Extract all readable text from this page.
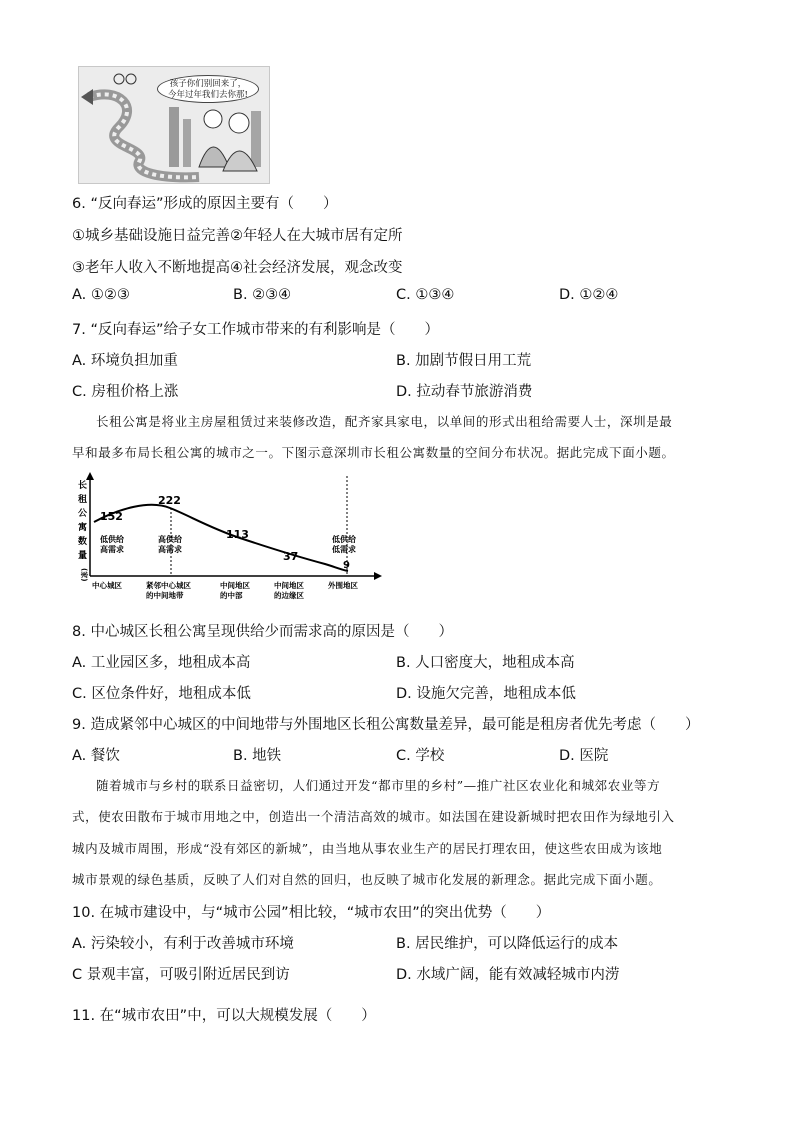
孩子你们别回来了，
今年过年我们去你那!
6. “反向春运”形成的原因主要有（　　）
①城乡基础设施日益完善②年轻人在大城市居有定所
③老年人收入不断地提高④社会经济发展，观念改变
A. ①②③	B. ②③④	C. ①③④	D. ①②④
7. “反向春运”给子女工作城市带来的有利影响是（　　）
A. 环境负担加重	B. 加剧节假日用工荒
C. 房租价格上涨	D. 拉动春节旅游消费
长租公寓是将业主房屋租赁过来装修改造，配齐家具家电，以单间的形式出租给需要人士，深圳是最
早和最多布局长租公寓的城市之一。下图示意深圳市长租公寓数量的空间分布状况。据此完成下面小题。
长
租
公
寓
数
量
(家)
152
222
113
37
9
低供给
高需求
高供给
高需求
低供给
低需求
中心城区	紧邻中心城区
的中间地带
中间地区
的中部
中间地区
的边缘区
外围地区
8. 中心城区长租公寓呈现供给少而需求高的原因是（　　）
A. 工业园区多，地租成本高	B. 人口密度大，地租成本高
C. 区位条件好，地租成本低	D. 设施欠完善，地租成本低
9. 造成紧邻中心城区的中间地带与外围地区长租公寓数量差异，最可能是租房者优先考虑（　　）
A. 餐饮	B. 地铁	C. 学校	D. 医院
随着城市与乡村的联系日益密切，人们通过开发“都市里的乡村”—推广社区农业化和城郊农业等方
式，使农田散布于城市用地之中，创造出一个清洁高效的城市。如法国在建设新城时把农田作为绿地引入
城内及城市周围，形成“没有郊区的新城”，由当地从事农业生产的居民打理农田，使这些农田成为该地
城市景观的绿色基质，反映了人们对自然的回归，也反映了城市化发展的新理念。据此完成下面小题。
10. 在城市建设中，与“城市公园”相比较，“城市农田”的突出优势（　　）
A. 污染较小，有利于改善城市环境	B. 居民维护，可以降低运行的成本
C 景观丰富，可吸引附近居民到访	D. 水域广阔，能有效减轻城市内涝
11. 在“城市农田”中，可以大规模发展（　　）
